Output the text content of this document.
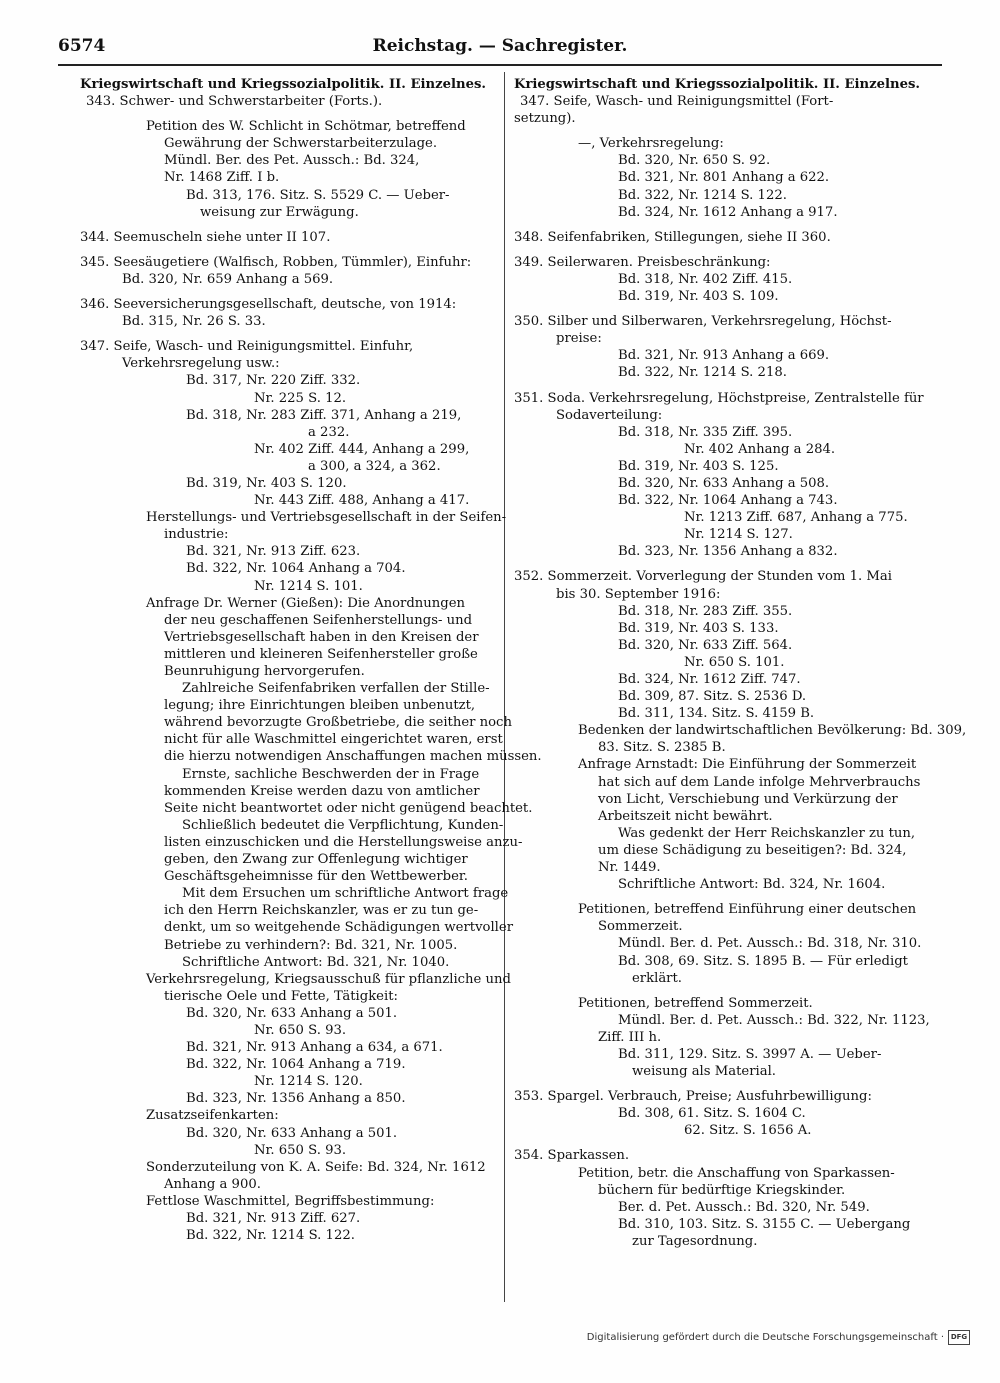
6574	Reichstag. — Sachregister.
Kriegswirtschaft und Kriegssozialpolitik. II. Einzelnes.
343. Schwer- und Schwerstarbeiter (Forts.).
Petition des W. Schlicht in Schötmar, betreffend
Gewährung der Schwerstarbeiterzulage.
Mündl. Ber. des Pet. Aussch.: Bd. 324,
Nr. 1468 Ziff. I b.
Bd. 313, 176. Sitz. S. 5529 C. — Ueber-
weisung zur Erwägung.
344. Seemuscheln siehe unter II 107.
345. Seesäugetiere (Walfisch, Robben, Tümmler), Einfuhr:
Bd. 320, Nr. 659 Anhang a 569.
346. Seeversicherungsgesellschaft, deutsche, von 1914:
Bd. 315, Nr. 26 S. 33.
347. Seife, Wasch- und Reinigungsmittel. Einfuhr,
Verkehrsregelung usw.:
Bd. 317, Nr. 220 Ziff. 332.
Nr. 225 S. 12.
Bd. 318, Nr. 283 Ziff. 371, Anhang a 219,
a 232.
Nr. 402 Ziff. 444, Anhang a 299,
a 300, a 324, a 362.
Bd. 319, Nr. 403 S. 120.
Nr. 443 Ziff. 488, Anhang a 417.
Herstellungs- und Vertriebsgesellschaft in der Seifen-
industrie:
Bd. 321, Nr. 913 Ziff. 623.
Bd. 322, Nr. 1064 Anhang a 704.
Nr. 1214 S. 101.
Anfrage Dr. Werner (Gießen): Die Anordnungen
der neu geschaffenen Seifenherstellungs- und
Vertriebsgesellschaft haben in den Kreisen der
mittleren und kleineren Seifenhersteller große
Beunruhigung hervorgerufen.
Zahlreiche Seifenfabriken verfallen der Stille-
legung; ihre Einrichtungen bleiben unbenutzt,
während bevorzugte Großbetriebe, die seither noch
nicht für alle Waschmittel eingerichtet waren, erst
die hierzu notwendigen Anschaffungen machen müssen.
Ernste, sachliche Beschwerden der in Frage
kommenden Kreise werden dazu von amtlicher
Seite nicht beantwortet oder nicht genügend beachtet.
Schließlich bedeutet die Verpflichtung, Kunden-
listen einzuschicken und die Herstellungsweise anzu-
geben, den Zwang zur Offenlegung wichtiger
Geschäftsgeheimnisse für den Wettbewerber.
Mit dem Ersuchen um schriftliche Antwort frage
ich den Herrn Reichskanzler, was er zu tun ge-
denkt, um so weitgehende Schädigungen wertvoller
Betriebe zu verhindern?: Bd. 321, Nr. 1005.
Schriftliche Antwort: Bd. 321, Nr. 1040.
Verkehrsregelung, Kriegsausschuß für pflanzliche und
tierische Oele und Fette, Tätigkeit:
Bd. 320, Nr. 633 Anhang a 501.
Nr. 650 S. 93.
Bd. 321, Nr. 913 Anhang a 634, a 671.
Bd. 322, Nr. 1064 Anhang a 719.
Nr. 1214 S. 120.
Bd. 323, Nr. 1356 Anhang a 850.
Zusatzseifenkarten:
Bd. 320, Nr. 633 Anhang a 501.
Nr. 650 S. 93.
Sonderzuteilung von K. A. Seife: Bd. 324, Nr. 1612
Anhang a 900.
Fettlose Waschmittel, Begriffsbestimmung:
Bd. 321, Nr. 913 Ziff. 627.
Bd. 322, Nr. 1214 S. 122.
Kriegswirtschaft und Kriegssozialpolitik. II. Einzelnes.
347. Seife, Wasch- und Reinigungsmittel (Fort-
setzung).
—, Verkehrsregelung:
Bd. 320, Nr. 650 S. 92.
Bd. 321, Nr. 801 Anhang a 622.
Bd. 322, Nr. 1214 S. 122.
Bd. 324, Nr. 1612 Anhang a 917.
348. Seifenfabriken, Stillegungen, siehe II 360.
349. Seilerwaren. Preisbeschränkung:
Bd. 318, Nr. 402 Ziff. 415.
Bd. 319, Nr. 403 S. 109.
350. Silber und Silberwaren, Verkehrsregelung, Höchst-
preise:
Bd. 321, Nr. 913 Anhang a 669.
Bd. 322, Nr. 1214 S. 218.
351. Soda. Verkehrsregelung, Höchstpreise, Zentralstelle für
Sodaverteilung:
Bd. 318, Nr. 335 Ziff. 395.
Nr. 402 Anhang a 284.
Bd. 319, Nr. 403 S. 125.
Bd. 320, Nr. 633 Anhang a 508.
Bd. 322, Nr. 1064 Anhang a 743.
Nr. 1213 Ziff. 687, Anhang a 775.
Nr. 1214 S. 127.
Bd. 323, Nr. 1356 Anhang a 832.
352. Sommerzeit. Vorverlegung der Stunden vom 1. Mai
bis 30. September 1916:
Bd. 318, Nr. 283 Ziff. 355.
Bd. 319, Nr. 403 S. 133.
Bd. 320, Nr. 633 Ziff. 564.
Nr. 650 S. 101.
Bd. 324, Nr. 1612 Ziff. 747.
Bd. 309, 87. Sitz. S. 2536 D.
Bd. 311, 134. Sitz. S. 4159 B.
Bedenken der landwirtschaftlichen Bevölkerung: Bd. 309,
83. Sitz. S. 2385 B.
Anfrage Arnstadt: Die Einführung der Sommerzeit
hat sich auf dem Lande infolge Mehrverbrauchs
von Licht, Verschiebung und Verkürzung der
Arbeitszeit nicht bewährt.
Was gedenkt der Herr Reichskanzler zu tun,
um diese Schädigung zu beseitigen?: Bd. 324,
Nr. 1449.
Schriftliche Antwort: Bd. 324, Nr. 1604.
Petitionen, betreffend Einführung einer deutschen
Sommerzeit.
Mündl. Ber. d. Pet. Aussch.: Bd. 318, Nr. 310.
Bd. 308, 69. Sitz. S. 1895 B. — Für erledigt
erklärt.
Petitionen, betreffend Sommerzeit.
Mündl. Ber. d. Pet. Aussch.: Bd. 322, Nr. 1123,
Ziff. III h.
Bd. 311, 129. Sitz. S. 3997 A. — Ueber-
weisung als Material.
353. Spargel. Verbrauch, Preise; Ausfuhrbewilligung:
Bd. 308, 61. Sitz. S. 1604 C.
62. Sitz. S. 1656 A.
354. Sparkassen.
Petition, betr. die Anschaffung von Sparkassen-
büchern für bedürftige Kriegskinder.
Ber. d. Pet. Aussch.: Bd. 320, Nr. 549.
Bd. 310, 103. Sitz. S. 3155 C. — Uebergang
zur Tagesordnung.
Digitalisierung gefördert durch die Deutsche Forschungsgemeinschaft · DFG
